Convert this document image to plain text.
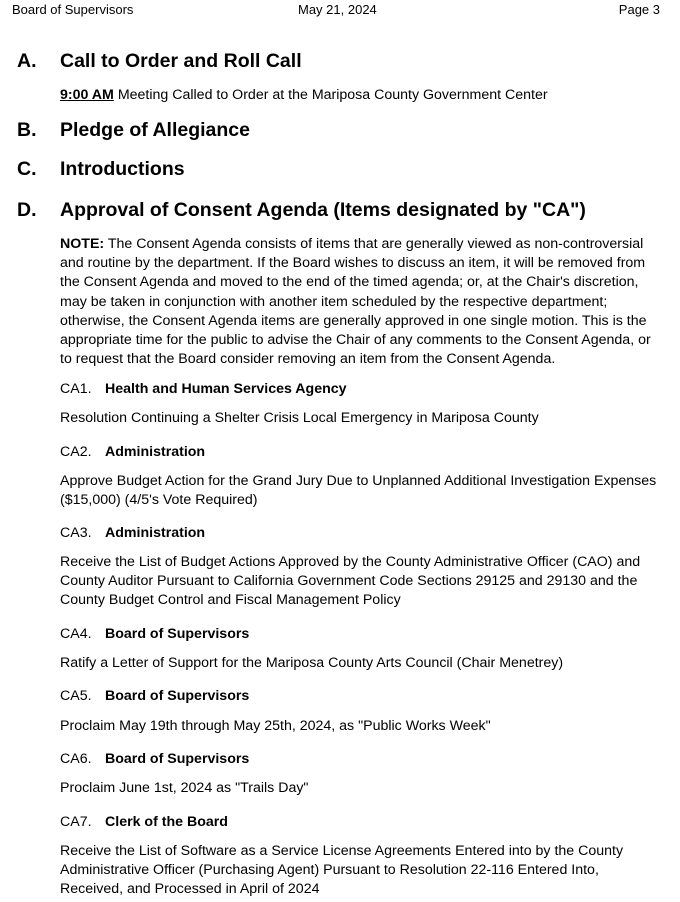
Board of Supervisors	May 21, 2024	Page 3
A. Call to Order and Roll Call
9:00 AM Meeting Called to Order at the Mariposa County Government Center
B. Pledge of Allegiance
C. Introductions
D. Approval of Consent Agenda (Items designated by "CA")
NOTE: The Consent Agenda consists of items that are generally viewed as non-controversial and routine by the department. If the Board wishes to discuss an item, it will be removed from the Consent Agenda and moved to the end of the timed agenda; or, at the Chair's discretion, may be taken in conjunction with another item scheduled by the respective department; otherwise, the Consent Agenda items are generally approved in one single motion. This is the appropriate time for the public to advise the Chair of any comments to the Consent Agenda, or to request that the Board consider removing an item from the Consent Agenda.
CA1. Health and Human Services Agency
Resolution Continuing a Shelter Crisis Local Emergency in Mariposa County
CA2. Administration
Approve Budget Action for the Grand Jury Due to Unplanned Additional Investigation Expenses ($15,000) (4/5's Vote Required)
CA3. Administration
Receive the List of Budget Actions Approved by the County Administrative Officer (CAO) and County Auditor Pursuant to California Government Code Sections 29125 and 29130 and the County Budget Control and Fiscal Management Policy
CA4. Board of Supervisors
Ratify a Letter of Support for the Mariposa County Arts Council (Chair Menetrey)
CA5. Board of Supervisors
Proclaim May 19th through May 25th, 2024, as "Public Works Week"
CA6. Board of Supervisors
Proclaim June 1st, 2024 as "Trails Day"
CA7. Clerk of the Board
Receive the List of Software as a Service License Agreements Entered into by the County Administrative Officer (Purchasing Agent) Pursuant to Resolution 22-116 Entered Into, Received, and Processed in April of 2024
